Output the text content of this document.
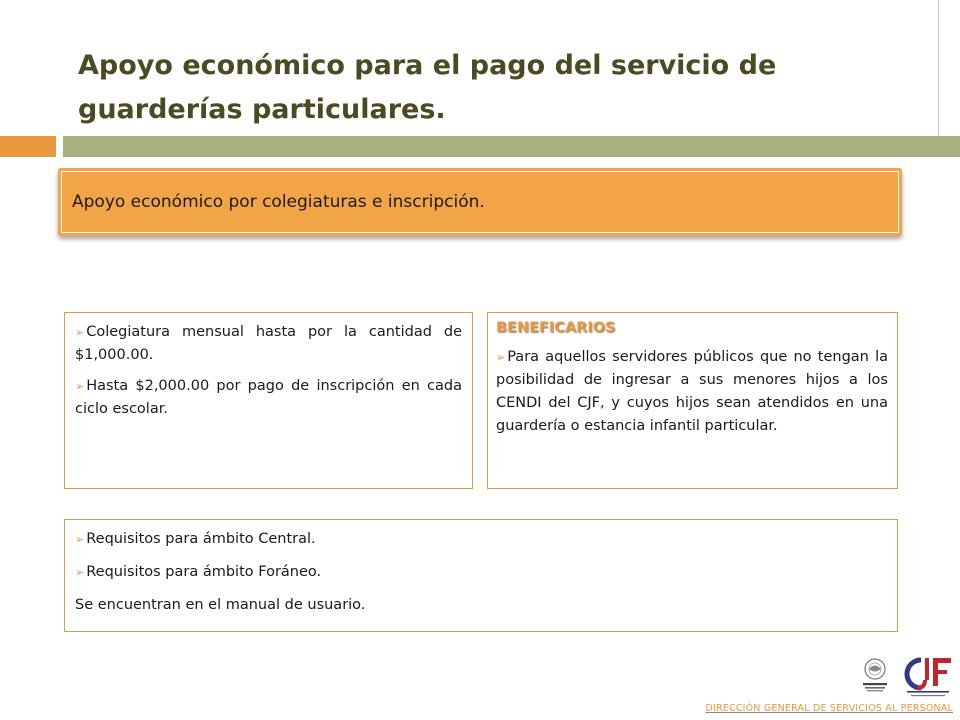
Apoyo económico para el pago del servicio de guarderías particulares.
Apoyo económico por colegiaturas e inscripción.

➢ Colegiatura mensual hasta por la cantidad de $1,000.00.

➢ Hasta $2,000.00 por pago de inscripción en cada ciclo escolar.

BENEFICARIOS

➢ Para aquellos servidores públicos que no tengan la posibilidad de ingresar a sus menores hijos a los CENDI del CJF, y cuyos hijos sean atendidos en una guardería o estancia infantil particular.

➢ Requisitos para ámbito Central.

➢ Requisitos para ámbito Foráneo.

Se encuentran en el manual de usuario.

DIRECCIÓN GENERAL DE SERVICIOS AL PERSONAL
